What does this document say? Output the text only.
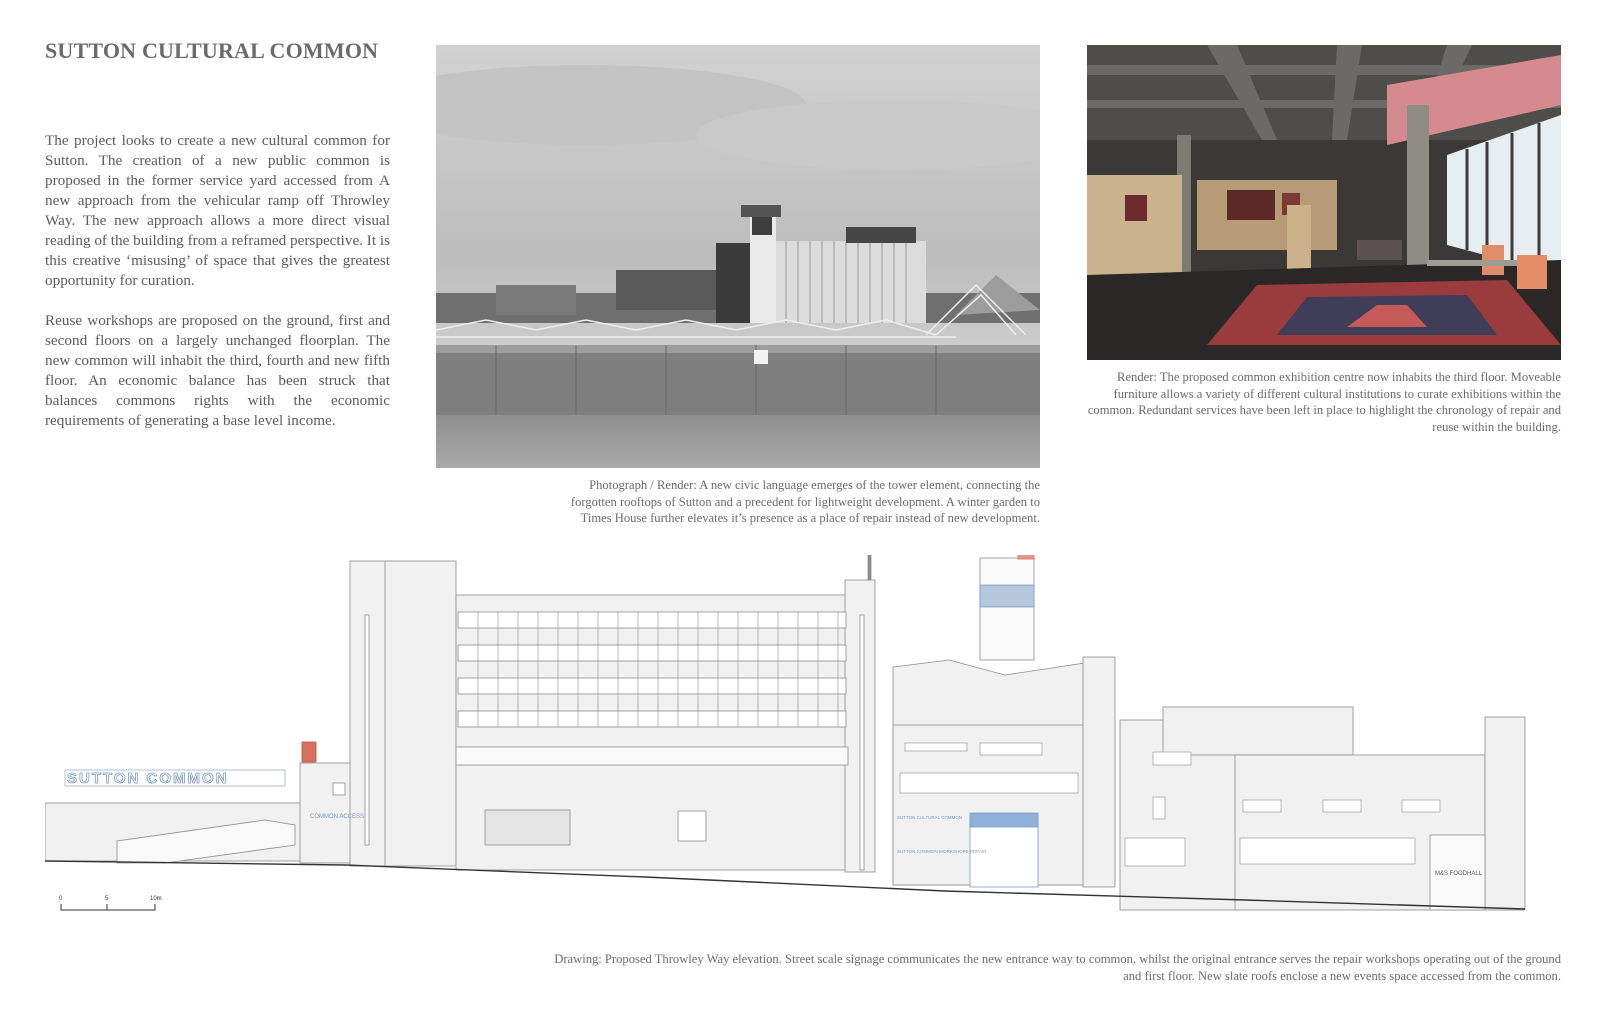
SUTTON CULTURAL COMMON

The project looks to create a new cultural common for Sutton. The creation of a new public common is proposed in the former service yard accessed from A new approach from the vehicular ramp off Throwley Way. The new approach allows a more direct visual reading of the building from a reframed perspective. It is this creative ‘misusing’ of space that gives the greatest opportunity for curation.

Reuse workshops are proposed on the ground, first and second floors on a largely unchanged floorplan. The new common will inhabit the third, fourth and new fifth floor. An economic balance has been struck that balances commons rights with the economic requirements of generating a base level income.

Photograph / Render: A new civic language emerges of the tower element, connecting the forgotten rooftops of Sutton and a precedent for lightweight development. A winter garden to Times House further elevates it’s presence as a place of repair instead of new development.

Render: The proposed common exhibition centre now inhabits the third floor. Moveable furniture allows a variety of different cultural institutions to curate exhibitions within the common. Redundant services have been left in place to highlight the chronology of repair and reuse within the building.

SUTTON COMMON
COMMON ACCESS	SUTTON CULTURAL COMMON
SUTTON COMMON WORKSHOPS REPAIR
M&S FOODHALL
0	5	10m

Drawing: Proposed Throwley Way elevation. Street scale signage communicates the new entrance way to common, whilst the original entrance serves the repair workshops operating out of the ground and first floor. New slate roofs enclose a new events space accessed from the common.
